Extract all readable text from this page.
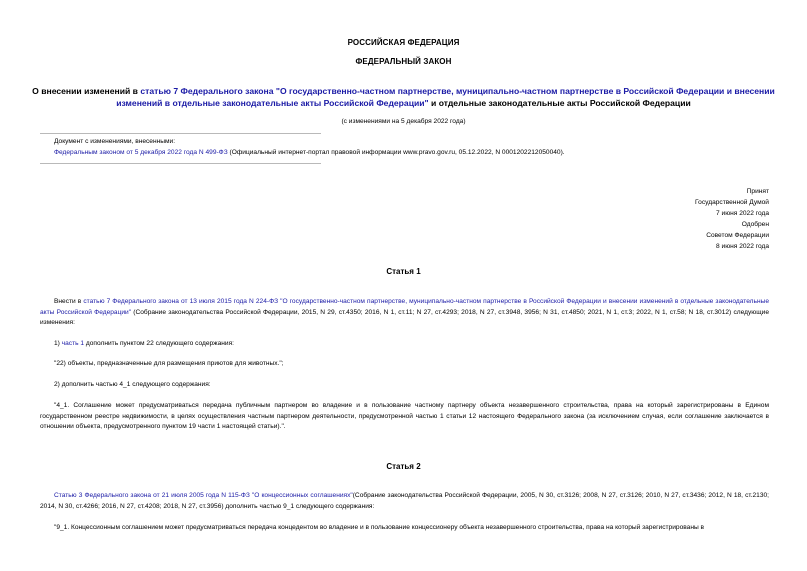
РОССИЙСКАЯ ФЕДЕРАЦИЯ
ФЕДЕРАЛЬНЫЙ ЗАКОН
О внесении изменений в статью 7 Федерального закона "О государственно-частном партнерстве, муниципально-частном партнерстве в Российской Федерации и внесении изменений в отдельные законодательные акты Российской Федерации" и отдельные законодательные акты Российской Федерации
(с изменениями на 5 декабря 2022 года)
Документ с изменениями, внесенными:
Федеральным законом от 5 декабря 2022 года N 499-ФЗ (Официальный интернет-портал правовой информации www.pravo.gov.ru, 05.12.2022, N 0001202212050040).
Принят
Государственной Думой
7 июня 2022 года
Одобрен
Советом Федерации
8 июня 2022 года
Статья 1
Внести в статью 7 Федерального закона от 13 июля 2015 года N 224-ФЗ "О государственно-частном партнерстве, муниципально-частном партнерстве в Российской Федерации и внесении изменений в отдельные законодательные акты Российской Федерации" (Собрание законодательства Российской Федерации, 2015, N 29, ст.4350; 2016, N 1, ст.11; N 27, ст.4293; 2018, N 27, ст.3948, 3956; N 31, ст.4850; 2021, N 1, ст.3; 2022, N 1, ст.58; N 18, ст.3012) следующие изменения:
1) часть 1 дополнить пунктом 22 следующего содержания:
"22) объекты, предназначенные для размещения приютов для животных.";
2) дополнить частью 4_1 следующего содержания:
"4_1. Соглашение может предусматриваться передача публичным партнером во владение и в пользование частному партнеру объекта незавершенного строительства, права на который зарегистрированы в Едином государственном реестре недвижимости, в целях осуществления частным партнером деятельности, предусмотренной частью 1 статьи 12 настоящего Федерального закона (за исключением случая, если соглашение заключается в отношении объекта, предусмотренного пунктом 19 части 1 настоящей статьи).".
Статья 2
Статью 3 Федерального закона от 21 июля 2005 года N 115-ФЗ "О концессионных соглашениях"(Собрание законодательства Российской Федерации, 2005, N 30, ст.3126; 2008, N 27, ст.3126; 2010, N 27, ст.3436; 2012, N 18, ст.2130; 2014, N 30, ст.4266; 2016, N 27, ст.4208; 2018, N 27, ст.3956) дополнить частью 9_1 следующего содержания:
"9_1. Концессионным соглашением может предусматриваться передача концедентом во владение и в пользование концессионеру объекта незавершенного строительства, права на который зарегистрированы в
